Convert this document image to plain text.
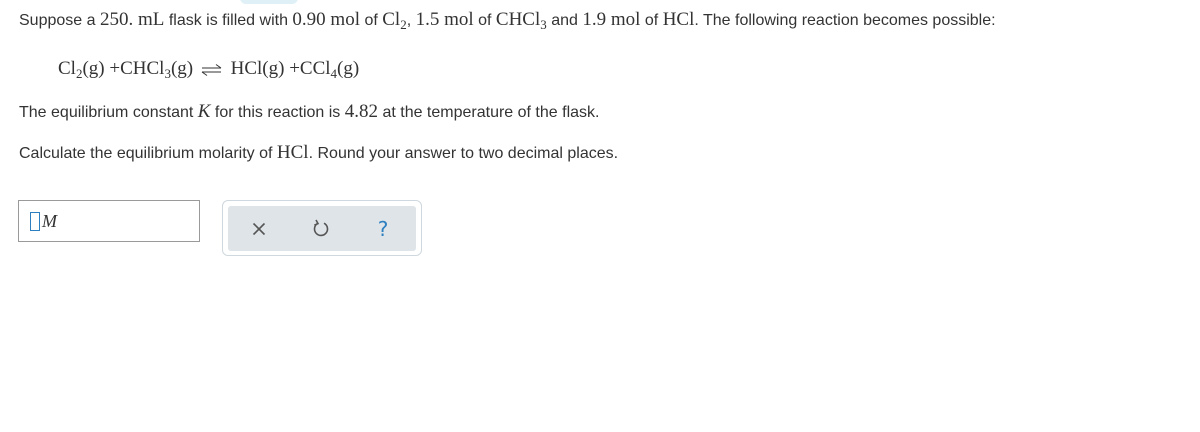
Suppose a 250. mL flask is filled with 0.90 mol of $Cl_2$, 1.5 mol of CHCl$_3$ and 1.9 mol of HCl. The following reaction becomes possible:
$Cl_2(g)$ +CHCl$_3$(g) ⇌ HCl(g) +CCl$_4$(g)
The equilibrium constant K for this reaction is 4.82 at the temperature of the flask.
Calculate the equilibrium molarity of HCl. Round your answer to two decimal places.
M	?
